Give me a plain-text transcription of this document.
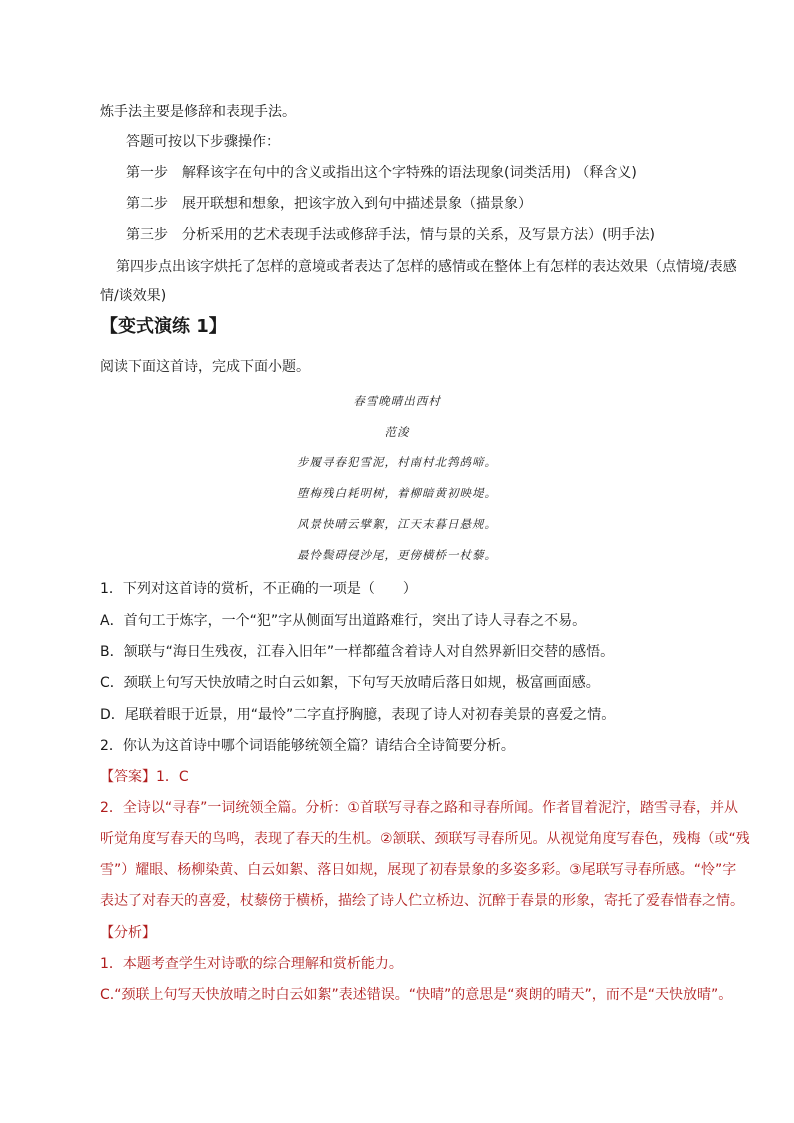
炼手法主要是修辞和表现手法。
答题可按以下步骤操作：
第一步　解释该字在句中的含义或指出这个字特殊的语法现象(词类活用) （释含义)
第二步　展开联想和想象，把该字放入到句中描述景象（描景象）
第三步　分析采用的艺术表现手法或修辞手法，情与景的关系，及写景方法）(明手法)
第四步点出该字烘托了怎样的意境或者表达了怎样的感情或在整体上有怎样的表达效果（点情境/表感
情/谈效果)
【变式演练 1】
阅读下面这首诗，完成下面小题。
春雪晚晴出西村
范浚
步履寻春犯雪泥，村南村北鹁鸪啼。
堕梅残白耗明树，着柳暗黄初映堤。
风景快晴云擘絮，江天末暮日悬规。
最怜鬓碍侵沙尾，更傍横桥一杖藜。
1．下列对这首诗的赏析，不正确的一项是（　　）
A．首句工于炼字，一个“犯”字从侧面写出道路难行，突出了诗人寻春之不易。
B．颔联与“海日生残夜，江春入旧年”一样都蕴含着诗人对自然界新旧交替的感悟。
C．颈联上句写天快放晴之时白云如絮，下句写天放晴后落日如规，极富画面感。
D．尾联着眼于近景，用“最怜”二字直抒胸臆，表现了诗人对初春美景的喜爱之情。
2．你认为这首诗中哪个词语能够统领全篇？请结合全诗简要分析。
【答案】1．C
2．全诗以“寻春”一词统领全篇。分析：①首联写寻春之路和寻春所闻。作者冒着泥泞，踏雪寻春，并从
听觉角度写春天的鸟鸣，表现了春天的生机。②颔联、颈联写寻春所见。从视觉角度写春色，残梅（或“残
雪”）耀眼、杨柳染黄、白云如絮、落日如规，展现了初春景象的多姿多彩。③尾联写寻春所感。“怜”字
表达了对春天的喜爱，杖藜傍于横桥，描绘了诗人伫立桥边、沉醉于春景的形象，寄托了爱春惜春之情。
【分析】
1．本题考查学生对诗歌的综合理解和赏析能力。
C.“颈联上句写天快放晴之时白云如絮”表述错误。“快晴”的意思是“爽朗的晴天”，而不是“天快放晴”。
